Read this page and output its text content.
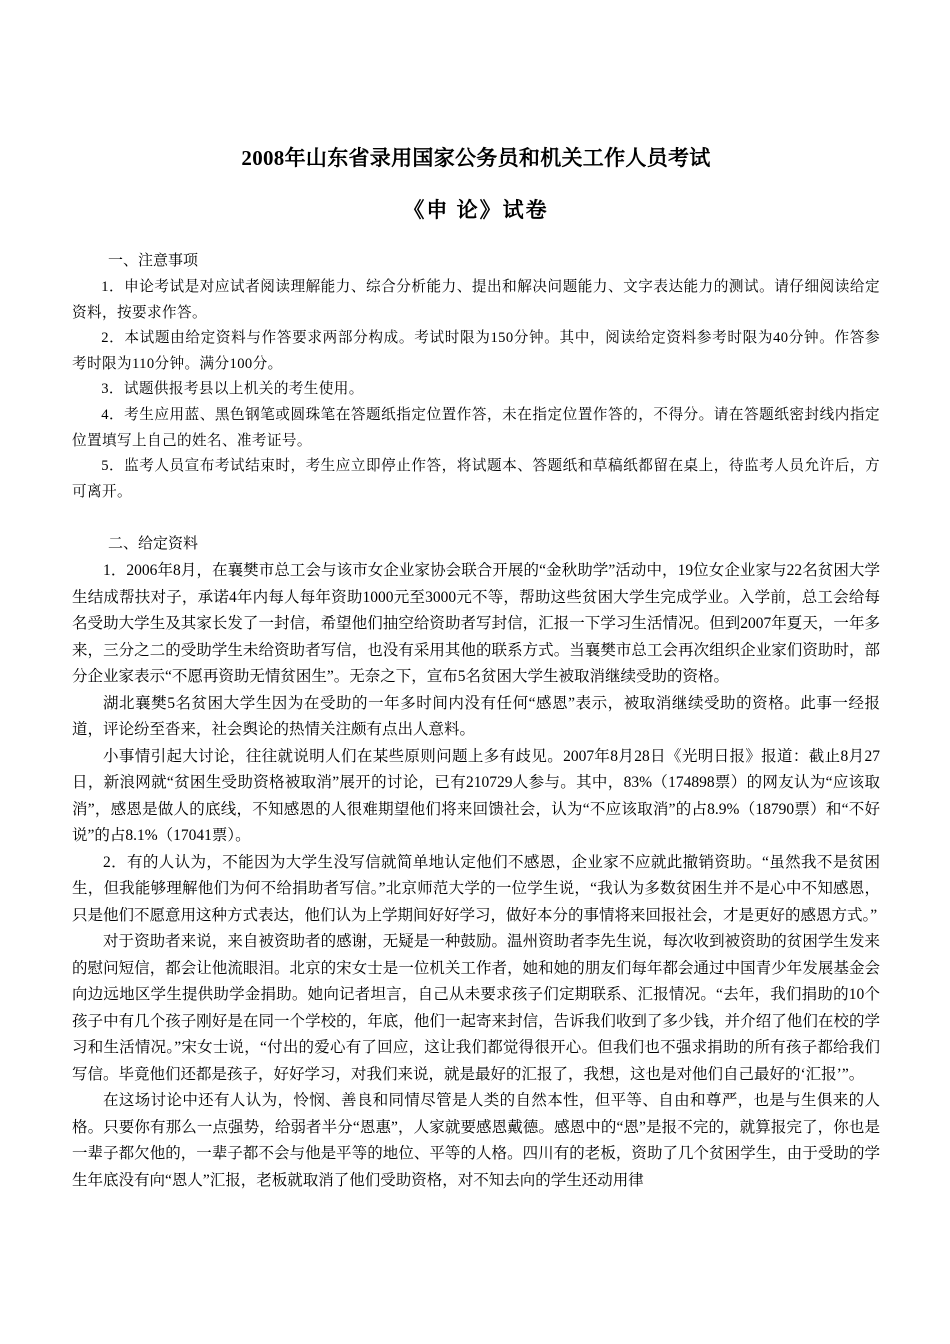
2008年山东省录用国家公务员和机关工作人员考试
《申 论》试卷

一、注意事项

1．申论考试是对应试者阅读理解能力、综合分析能力、提出和解决问题能力、文字表达能力的测试。请仔细阅读给定资料，按要求作答。

2．本试题由给定资料与作答要求两部分构成。考试时限为150分钟。其中，阅读给定资料参考时限为40分钟。作答参考时限为110分钟。满分100分。

3．试题供报考县以上机关的考生使用。

4．考生应用蓝、黑色钢笔或圆珠笔在答题纸指定位置作答，未在指定位置作答的，不得分。请在答题纸密封线内指定位置填写上自己的姓名、准考证号。

5．监考人员宣布考试结束时，考生应立即停止作答，将试题本、答题纸和草稿纸都留在桌上，待监考人员允许后，方可离开。

二、给定资料

1．2006年8月，在襄樊市总工会与该市女企业家协会联合开展的“金秋助学”活动中，19位女企业家与22名贫困大学生结成帮扶对子，承诺4年内每人每年资助1000元至3000元不等，帮助这些贫困大学生完成学业。入学前，总工会给每名受助大学生及其家长发了一封信，希望他们抽空给资助者写封信，汇报一下学习生活情况。但到2007年夏天，一年多来，三分之二的受助学生未给资助者写信，也没有采用其他的联系方式。当襄樊市总工会再次组织企业家们资助时，部分企业家表示“不愿再资助无情贫困生”。无奈之下，宣布5名贫困大学生被取消继续受助的资格。

湖北襄樊5名贫困大学生因为在受助的一年多时间内没有任何“感恩”表示，被取消继续受助的资格。此事一经报道，评论纷至沓来，社会舆论的热情关注颇有点出人意料。

小事情引起大讨论，往往就说明人们在某些原则问题上多有歧见。2007年8月28日《光明日报》报道：截止8月27日，新浪网就“贫困生受助资格被取消”展开的讨论，已有210729人参与。其中，83%（174898票）的网友认为“应该取消”，感恩是做人的底线，不知感恩的人很难期望他们将来回馈社会，认为“不应该取消”的占8.9%（18790票）和“不好说”的占8.1%（17041票）。

2．有的人认为，不能因为大学生没写信就简单地认定他们不感恩，企业家不应就此撤销资助。“虽然我不是贫困生，但我能够理解他们为何不给捐助者写信。”北京师范大学的一位学生说，“我认为多数贫困生并不是心中不知感恩，只是他们不愿意用这种方式表达，他们认为上学期间好好学习，做好本分的事情将来回报社会，才是更好的感恩方式。”

对于资助者来说，来自被资助者的感谢，无疑是一种鼓励。温州资助者李先生说，每次收到被资助的贫困学生发来的慰问短信，都会让他流眼泪。北京的宋女士是一位机关工作者，她和她的朋友们每年都会通过中国青少年发展基金会向边远地区学生提供助学金捐助。她向记者坦言，自己从未要求孩子们定期联系、汇报情况。“去年，我们捐助的10个孩子中有几个孩子刚好是在同一个学校的，年底，他们一起寄来封信，告诉我们收到了多少钱，并介绍了他们在校的学习和生活情况。”宋女士说，“付出的爱心有了回应，这让我们都觉得很开心。但我们也不强求捐助的所有孩子都给我们写信。毕竟他们还都是孩子，好好学习，对我们来说，就是最好的汇报了，我想，这也是对他们自己最好的‘汇报’”。

在这场讨论中还有人认为，怜悯、善良和同情尽管是人类的自然本性，但平等、自由和尊严，也是与生俱来的人格。只要你有那么一点强势，给弱者半分“恩惠”，人家就要感恩戴德。感恩中的“恩”是报不完的，就算报完了，你也是一辈子都欠他的，一辈子都不会与他是平等的地位、平等的人格。四川有的老板，资助了几个贫困学生，由于受助的学生年底没有向“恩人”汇报，老板就取消了他们受助资格，对不知去向的学生还动用律
